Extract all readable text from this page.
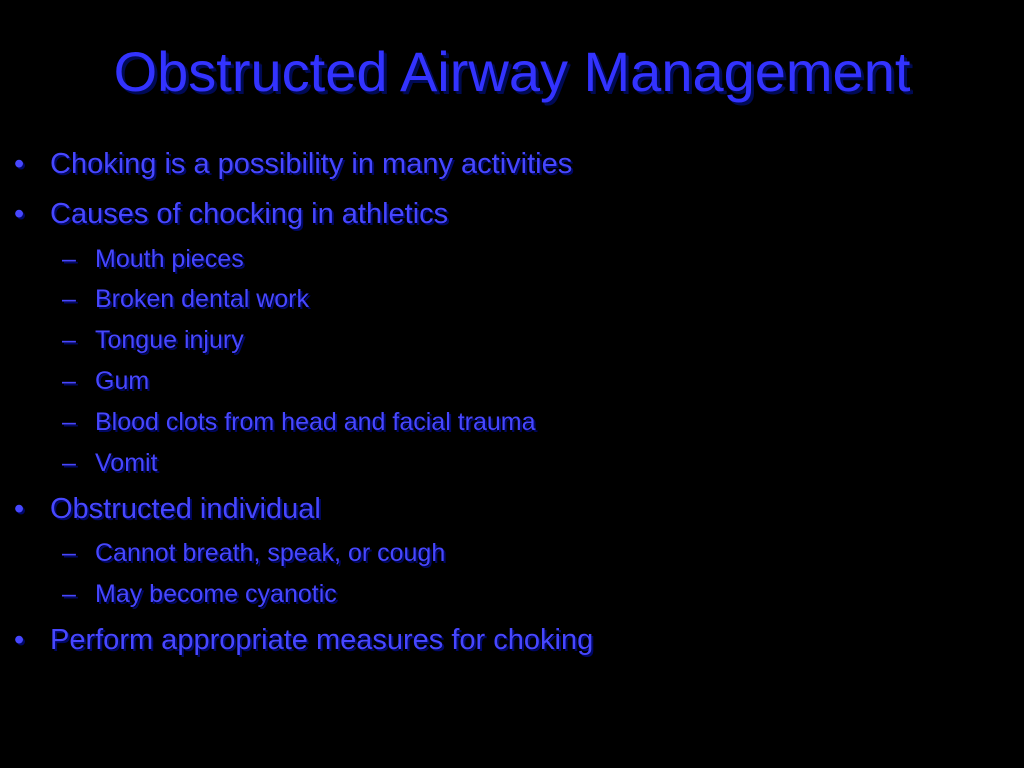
Obstructed Airway Management
• Choking is a possibility in many activities
• Causes of chocking in athletics
– Mouth pieces
– Broken dental work
– Tongue injury
– Gum
– Blood clots from head and facial trauma
– Vomit
• Obstructed individual
– Cannot breath, speak, or cough
– May become cyanotic
• Perform appropriate measures for choking
